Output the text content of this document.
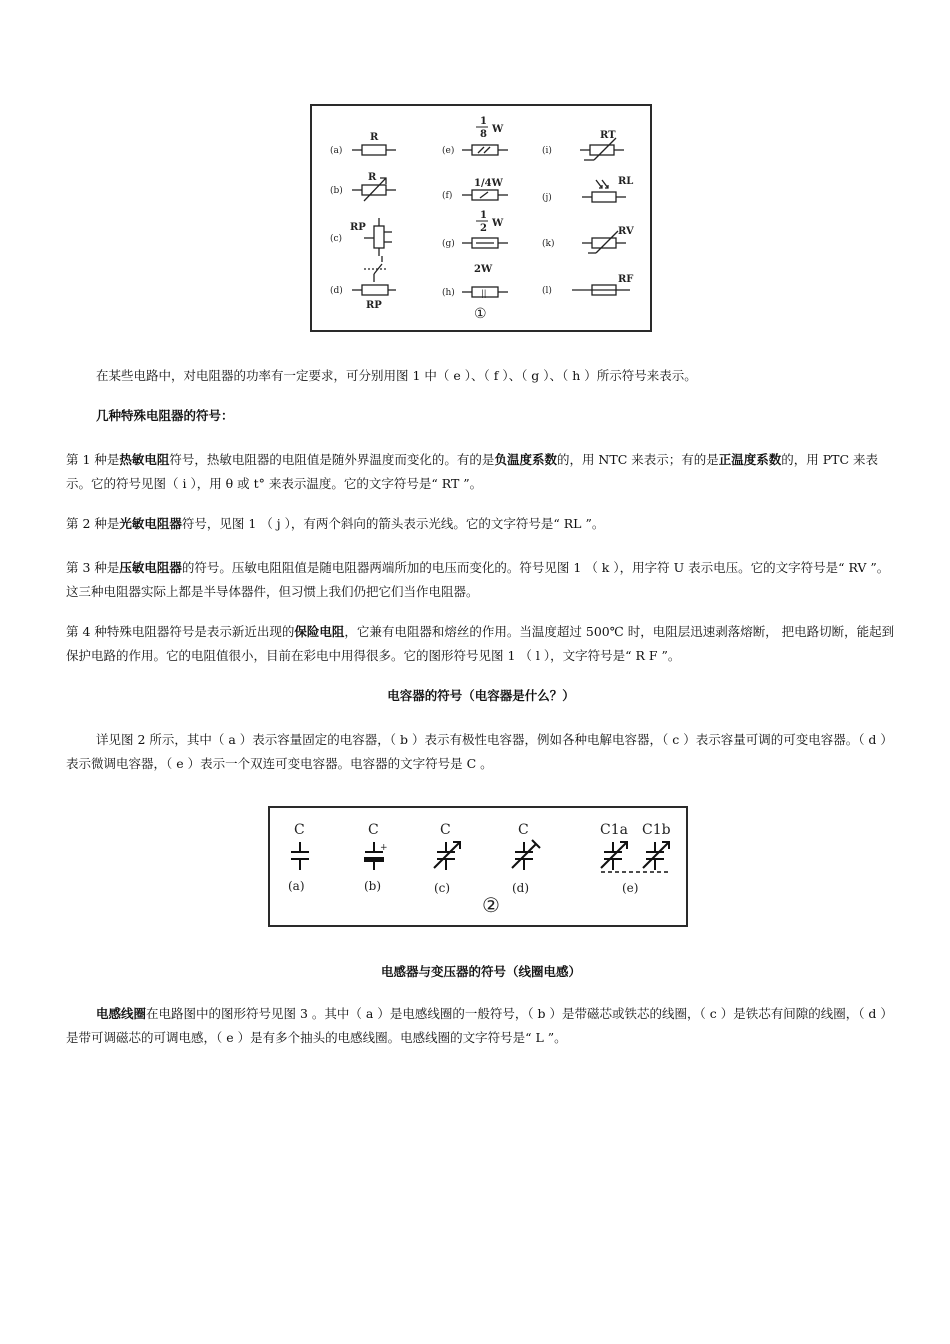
||
(a)
(b)
(c)
(d)
(e)
(f)
(g)
(h)
(i)
(j)
(k)
(l)
R
R
RP
RP
1
8 W
1/4W
1
2 W
2W
RT
RL
RV
RF
①

在某些电路中，对电阻器的功率有一定要求，可分别用图 1 中（ e ）、（ f ）、（ g ）、（ h ）所示符号来表示。

几种特殊电阻器的符号：

第 1 种是热敏电阻符号，热敏电阻器的电阻值是随外界温度而变化的。有的是负温度系数的，用 NTC 来表示；有的是正温度系数的，用 PTC 来表示。它的符号见图（ i ），用 θ 或 t° 来表示温度。它的文字符号是“ RT ”。

第 2 种是光敏电阻器符号，见图 1 （ j ），有两个斜向的箭头表示光线。它的文字符号是“ RL ”。

第 3 种是压敏电阻器的符号。压敏电阻阻值是随电阻器两端所加的电压而变化的。符号见图 1 （ k ），用字符 U 表示电压。它的文字符号是“ RV ”。这三种电阻器实际上都是半导体器件，但习惯上我们仍把它们当作电阻器。

第 4 种特殊电阻器符号是表示新近出现的保险电阻，它兼有电阻器和熔丝的作用。当温度超过 500℃ 时，电阻层迅速剥落熔断， 把电路切断，能起到保护电路的作用。它的电阻值很小，目前在彩电中用得很多。它的图形符号见图 1 （ l ），文字符号是“ R F ”。

电容器的符号（电容器是什么？）

详见图 2 所示，其中（ a ）表示容量固定的电容器，（ b ）表示有极性电容器，例如各种电解电容器，（ c ）表示容量可调的可变电容器。（ d ）表示微调电容器，（ e ）表示一个双连可变电容器。电容器的文字符号是 C 。

+
C	C	C	C	C1a C1b
(a)	(b)	(c)	(d)	(e)
②

电感器与变压器的符号（线圈电感）

电感线圈在电路图中的图形符号见图 3 。其中（ a ）是电感线圈的一般符号，（ b ）是带磁芯或铁芯的线圈，（ c ）是铁芯有间隙的线圈，（ d ）是带可调磁芯的可调电感，（ e ）是有多个抽头的电感线圈。电感线圈的文字符号是“ L ”。
